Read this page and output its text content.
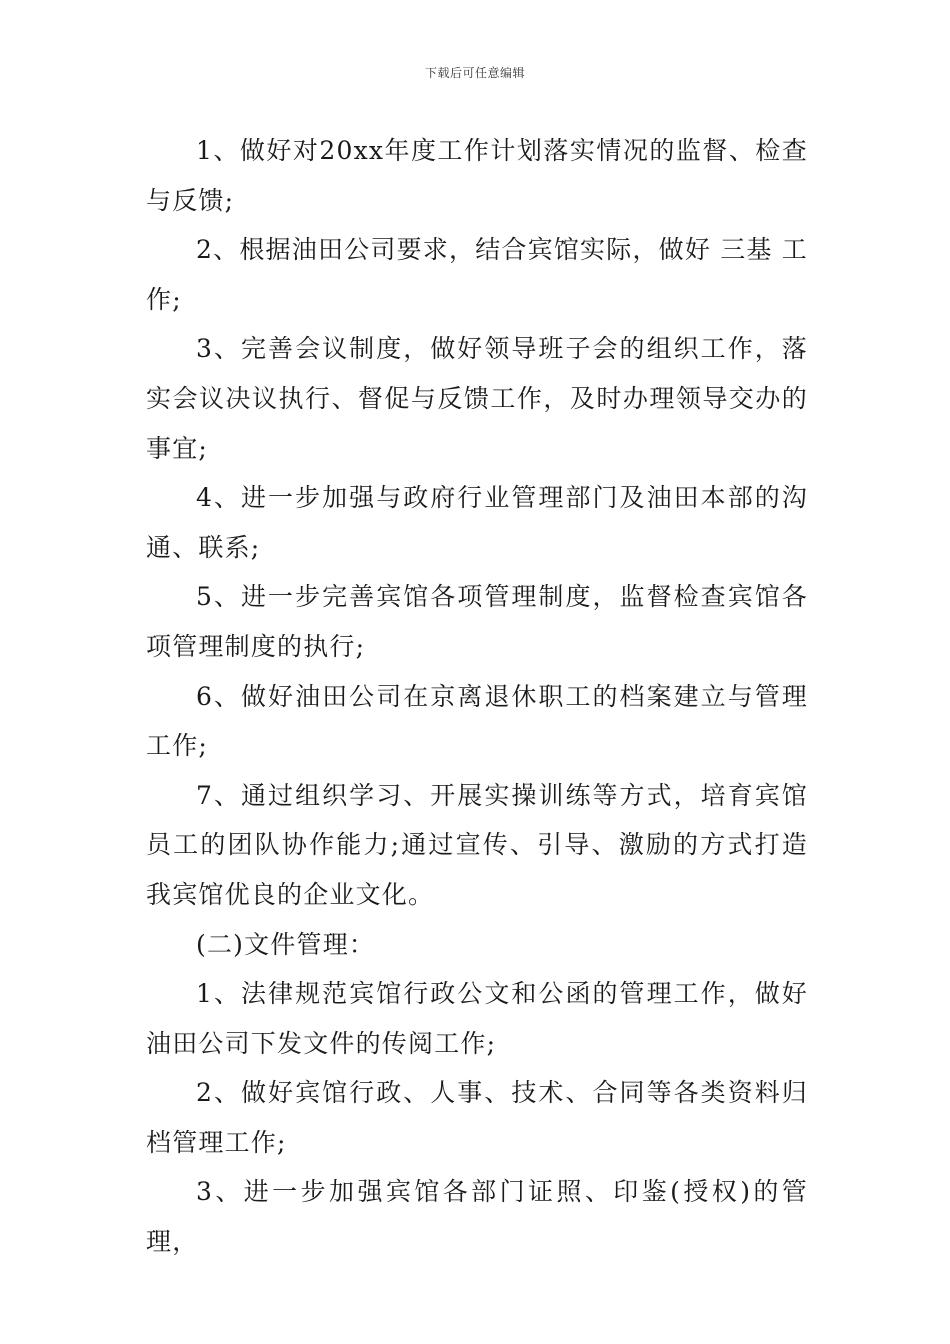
下载后可任意编辑

1、做好对20xx年度工作计划落实情况的监督、检查与反馈;

2、根据油田公司要求，结合宾馆实际，做好 三基 工作;

3、完善会议制度，做好领导班子会的组织工作，落实会议决议执行、督促与反馈工作，及时办理领导交办的事宜;

4、进一步加强与政府行业管理部门及油田本部的沟通、联系;

5、进一步完善宾馆各项管理制度，监督检查宾馆各项管理制度的执行;

6、做好油田公司在京离退休职工的档案建立与管理工作;

7、通过组织学习、开展实操训练等方式，培育宾馆员工的团队协作能力;通过宣传、引导、激励的方式打造我宾馆优良的企业文化。

(二)文件管理：

1、法律规范宾馆行政公文和公函的管理工作，做好油田公司下发文件的传阅工作;

2、做好宾馆行政、人事、技术、合同等各类资料归档管理工作;

3、进一步加强宾馆各部门证照、印鉴(授权)的管理，
